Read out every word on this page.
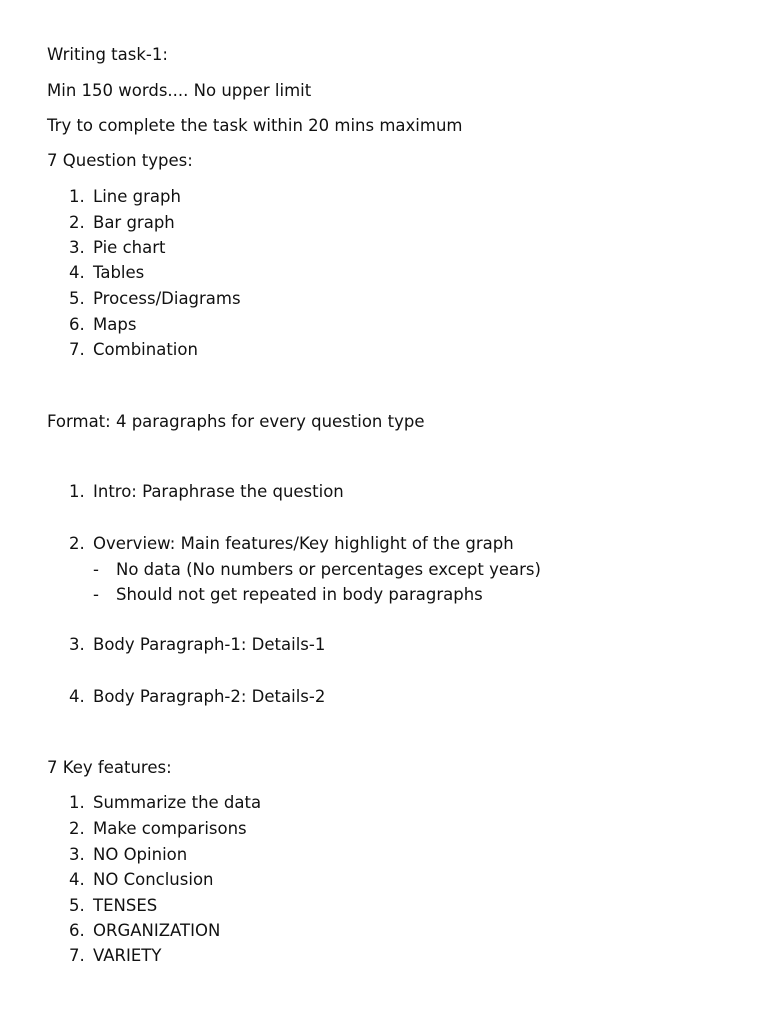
Writing task-1:
Min 150 words.... No upper limit
Try to complete the task within 20 mins maximum
7 Question types:
1. Line graph
2. Bar graph
3. Pie chart
4. Tables
5. Process/Diagrams
6. Maps
7. Combination
Format: 4 paragraphs for every question type
1. Intro: Paraphrase the question
2. Overview: Main features/Key highlight of the graph
- No data (No numbers or percentages except years)
- Should not get repeated in body paragraphs
3. Body Paragraph-1: Details-1
4. Body Paragraph-2: Details-2
7 Key features:
1. Summarize the data
2. Make comparisons
3. NO Opinion
4. NO Conclusion
5. TENSES
6. ORGANIZATION
7. VARIETY
